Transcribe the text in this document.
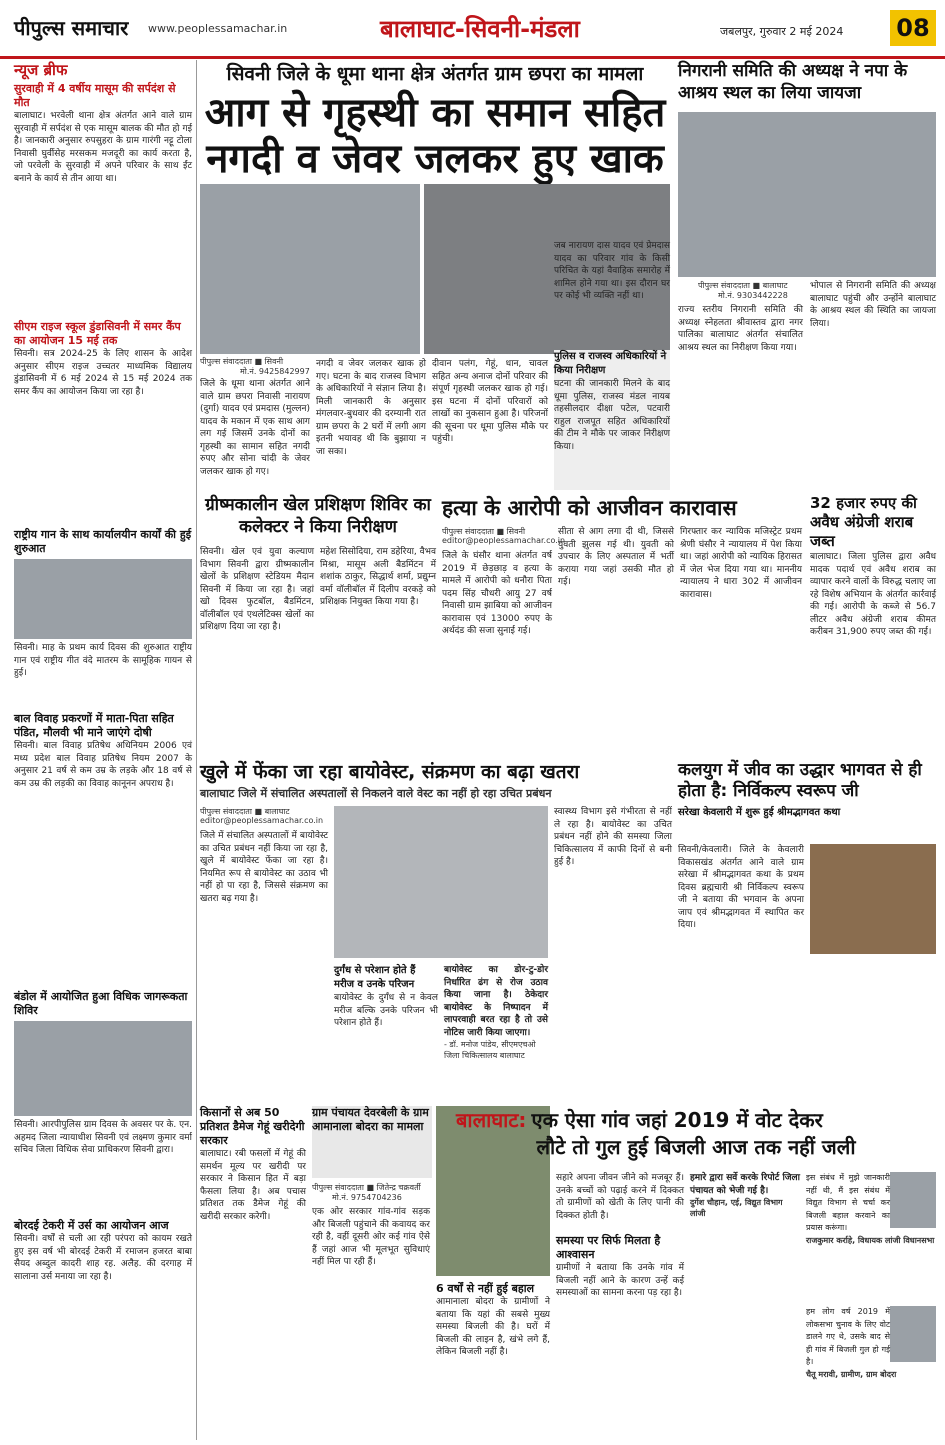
पीपुल्स समाचार www.peoplessamachar.in	बालाघाट-सिवनी-मंडला	जबलपुर, गुरुवार 2 मई 2024 08
न्यूज ब्रीफ
सुरवाही में 4 वर्षीय मासूम की सर्पदंश से मौत
बालाघाट। भरवेली थाना क्षेत्र अंतर्गत आने वाले ग्राम सुरवाही में सर्पदंश से एक मासूम बालक की मौत हो गई है। जानकारी अनुसार रुपसुहरा के ग्राम गारंगी नट्टू टोला निवासी घुर्वीसेह मरसकम मजदूरी का कार्य करता है, जो परवेली के सुरवाही में अपने परिवार के साथ ईंट बनाने के कार्य से तीन आया था।
सीएम राइज स्कूल डुंडासिवनी में समर कैंप का आयोजन 15 मई तक
सिवनी। सत्र 2024-25 के लिए शासन के आदेश अनुसार सीएम राइज उच्चतर माध्यमिक विद्यालय डुंडासिवनी में 6 मई 2024 से 15 मई 2024 तक समर कैंप का आयोजन किया जा रहा है।
राष्ट्रीय गान के साथ कार्यालयीन कार्यों की हुई शुरुआत
सिवनी। माह के प्रथम कार्य दिवस की शुरुआत राष्ट्रीय गान एवं राष्ट्रीय गीत वंदे मातरम के सामूहिक गायन से हुई।
बाल विवाह प्रकरणों में माता-पिता सहित पंडित, मौलवी भी माने जाएंगे दोषी
सिवनी। बाल विवाह प्रतिषेध अधिनियम 2006 एवं मध्य प्रदेश बाल विवाह प्रतिषेध नियम 2007 के अनुसार 21 वर्ष से कम उम्र के लड़के और 18 वर्ष से कम उम्र की लड़की का विवाह कानूनन अपराध है।
बंडोल में आयोजित हुआ विधिक जागरूकता शिविर
सिवनी। आरपीपुलिस ग्राम दिवस के अवसर पर के. एन. अहमद जिला न्यायाधीश सिवनी एवं लक्ष्मण कुमार वर्मा सचिव जिला विधिक सेवा प्राधिकरण सिवनी द्वारा।
बोरदई टेकरी में उर्स का आयोजन आज
सिवनी। वर्षों से चली आ रही परंपरा को कायम रखते हुए इस वर्ष भी बोरदई टेकरी में रमाजन हजरत बाबा सैयद अब्दुल कादरी शाह रह. अलैह. की दरगाह में सालाना उर्स मनाया जा रहा है।
सिवनी जिले के धूमा थाना क्षेत्र अंतर्गत ग्राम छपरा का मामला
आग से गृहस्थी का समान सहित
नगदी व जेवर जलकर हुए खाक
पीपुल्स संवाददाता ■ सिवनी
मो.नं. 9425842997
जिले के धूमा थाना अंतर्गत आने वाले ग्राम छपरा निवासी नारायण (दुर्गा) यादव एवं प्रमदास (मुल्लन) यादव के मकान में एक साथ आग लग गई जिसमें उनके दोनों का गृहस्थी का सामान सहित नगदी रुपए और सोना चांदी के जेवर जलकर खाक हो गए।
नगदी व जेवर जलकर खाक हो गए। घटना के बाद राजस्व विभाग के अधिकारियों ने संज्ञान लिया है। मिली जानकारी के अनुसार मंगलवार-बुधवार की दरम्यानी रात ग्राम छपरा के 2 घरों में लगी आग इतनी भयावह थी कि बुझाया न जा सका।
दीवान पलंग, गेहूं, धान, चावल सहित अन्य अनाज दोनों परिवार की संपूर्ण गृहस्थी जलकर खाक हो गई। इस घटना में दोनों परिवारों को लाखों का नुकसान हुआ है। परिजनों की सूचना पर धूमा पुलिस मौके पर पहुंची।
जब नारायण दास यादव एवं प्रेमदास यादव का परिवार गांव के किसी परिचित के यहां वैवाहिक समारोह में शामिल होने गया था। इस दौरान घर पर कोई भी व्यक्ति नहीं था।
पुलिस व राजस्व अधिकारियों ने किया निरीक्षण
घटना की जानकारी मिलने के बाद धूमा पुलिस, राजस्व मंडल नायब तहसीलदार दीक्षा पटेल, पटवारी राहुल राजपूत सहित अधिकारियों की टीम ने मौके पर जाकर निरीक्षण किया।
निगरानी समिति की अध्यक्ष ने नपा के आश्रय स्थल का लिया जायजा
पीपुल्स संवाददाता ■ बालाघाट
मो.नं. 9303442228
राज्य स्तरीय निगरानी समिति की अध्यक्ष स्नेहलता श्रीवास्तव द्वारा नगर पालिका बालाघाट अंतर्गत संचालित आश्रय स्थल का निरीक्षण किया गया।
भोपाल से निगरानी समिति की अध्यक्ष बालाघाट पहुंची और उन्होंने बालाघाट के आश्रय स्थल की स्थिति का जायजा लिया।
ग्रीष्मकालीन खेल प्रशिक्षण शिविर का कलेक्टर ने किया निरीक्षण
सिवनी। खेल एवं युवा कल्याण विभाग सिवनी द्वारा ग्रीष्मकालीन खेलों के प्रशिक्षण स्टेडियम मैदान सिवनी में किया जा रहा है। जहां खो दिवस फुटबॉल, बैडमिंटन, वॉलीबॉल एवं एथलेटिक्स खेलों का प्रशिक्षण दिया जा रहा है।
महेश सिसोदिया, राम डहेरिया, वैभव मिश्रा, मासूम अली बैडमिंटन में शशांक ठाकुर, सिद्धार्थ शर्मा, प्रद्युम्न वर्मा वॉलीबॉल में दिलीप वरकड़े को प्रशिक्षक नियुक्त किया गया है।
हत्या के आरोपी को आजीवन कारावास
पीपुल्स संवाददाता ■ सिवनी
editor@peoplessamachar.co.in
जिले के घंसौर थाना अंतर्गत वर्ष 2019 में छेड़छाड़ व हत्या के मामले में आरोपी को धनौरा पिता पदम सिंह चौधरी आयु 27 वर्ष निवासी ग्राम झाबिया को आजीवन कारावास एवं 13000 रुपए के अर्थदंड की सजा सुनाई गई।
सीता से आग लगा दी थी, जिससे युवती झुलस गई थी। युवती को उपचार के लिए अस्पताल में भर्ती कराया गया जहां उसकी मौत हो गई।
गिरफ्तार कर न्यायिक मजिस्ट्रेट प्रथम श्रेणी घंसौर ने न्यायालय में पेश किया था। जहां आरोपी को न्यायिक हिरासत में जेल भेज दिया गया था। माननीय न्यायालय ने धारा 302 में आजीवन कारावास।
32 हजार रुपए की अवैध अंग्रेजी शराब जब्त
बालाघाट। जिला पुलिस द्वारा अवैध मादक पदार्थ एवं अवैध शराब का व्यापार करने वालों के विरुद्ध चलाए जा रहे विशेष अभियान के अंतर्गत कार्रवाई की गई। आरोपी के कब्जे से 56.7 लीटर अवैध अंग्रेजी शराब कीमत करीबन 31,900 रुपए जब्त की गई।
खुले में फेंका जा रहा बायोवेस्ट, संक्रमण का बढ़ा खतरा
बालाघाट जिले में संचालित अस्पतालों से निकलने वाले वेस्ट का नहीं हो रहा उचित प्रबंधन
पीपुल्स संवाददाता ■ बालाघाट
editor@peoplessamachar.co.in
जिले में संचालित अस्पतालों में बायोवेस्ट का उचित प्रबंधन नहीं किया जा रहा है, खुले में बायोवेस्ट फेंका जा रहा है। नियमित रूप से बायोवेस्ट का उठाव भी नहीं हो पा रहा है, जिससे संक्रमण का खतरा बढ़ गया है।
दुर्गंध से परेशान होते हैं मरीज व उनके परिजन
बायोवेस्ट के दुर्गंध से न केवल मरीज बल्कि उनके परिजन भी परेशान होते हैं।
बायोवेस्ट का डोर-टु-डोर निर्धारित ढंग से रोज उठाव किया जाना है। ठेकेदार बायोवेस्ट के निष्पादन में लापरवाही बरत रहा है तो उसे नोटिस जारी किया जाएगा।
- डॉ. मनोज पांडेय, सीएमएचओ जिला चिकित्सालय बालाघाट
स्वास्थ्य विभाग इसे गंभीरता से नहीं ले रहा है। बायोवेस्ट का उचित प्रबंधन नहीं होने की समस्या जिला चिकित्सालय में काफी दिनों से बनी हुई है।
कलयुग में जीव का उद्धार भागवत से ही होता है: निर्विकल्प स्वरूप जी
सरेखा केवलारी में शुरू हुई श्रीमद्भागवत कथा
सिवनी/केवलारी। जिले के केवलारी विकासखंड अंतर्गत आने वाले ग्राम सरेखा में श्रीमद्भागवत कथा के प्रथम दिवस ब्रह्मचारी श्री निर्विकल्प स्वरूप जी ने बताया की भगवान के अपना जाप एवं श्रीमद्भागवत में स्थापित कर दिया।
किसानों से अब 50 प्रतिशत डैमेज गेहूं खरीदेगी सरकार
बालाघाट। रबी फसलों में गेहूं की समर्थन मूल्य पर खरीदी पर सरकार ने किसान हित में बड़ा फैसला लिया है। अब पचास प्रतिशत तक डैमेज गेहूं की खरीदी सरकार करेगी।
ग्राम पंचायत देवरबेली के ग्राम आमानाला बोदरा का मामला
पीपुल्स संवाददाता ■ जितेन्द्र चक्रवर्ती
मो.नं. 9754704236
एक ओर सरकार गांव-गांव सड़क और बिजली पहुंचाने की कवायद कर रही है, वहीं दूसरी ओर कई गांव ऐसे हैं जहां आज भी मूलभूत सुविधाएं नहीं मिल पा रही हैं।
6 वर्षों से नहीं हुई बहाल
आमानाला बोदरा के ग्रामीणों ने बताया कि यहां की सबसे मुख्य समस्या बिजली की है। घरों में बिजली की लाइन है, खंभे लगे हैं, लेकिन बिजली नहीं है।
बालाघाट: एक ऐसा गांव जहां 2019 में वोट देकर
लौटे तो गुल हुई बिजली आज तक नहीं जली
सहारे अपना जीवन जीने को मजबूर हैं। उनके बच्चों को पढ़ाई करने में दिक्कत तो ग्रामीणों को खेती के लिए पानी की दिक्कत होती है।
समस्या पर सिर्फ मिलता है आश्वासन
ग्रामीणों ने बताया कि उनके गांव में बिजली नहीं आने के कारण उन्हें कई समस्याओं का सामना करना पड़ रहा है।
हमारे द्वारा सर्वे करके रिपोर्ट जिला पंचायत को भेजी गई है।
दुर्गेश चौहान, एई, विद्युत विभाग लांजी
इस संबंध में मुझे जानकारी नहीं थी, मैं इस संबंध में विद्युत विभाग से चर्चा कर बिजली बहाल करवाने का प्रयास करूंगा।
राजकुमार कर्राहे, विधायक लांजी विधानसभा
हम लोग वर्ष 2019 में लोकसभा चुनाव के लिए वोट डालने गए थे, उसके बाद से ही गांव में बिजली गुल हो गई है।
चैतू मरावी, ग्रामीण, ग्राम बोदरा
